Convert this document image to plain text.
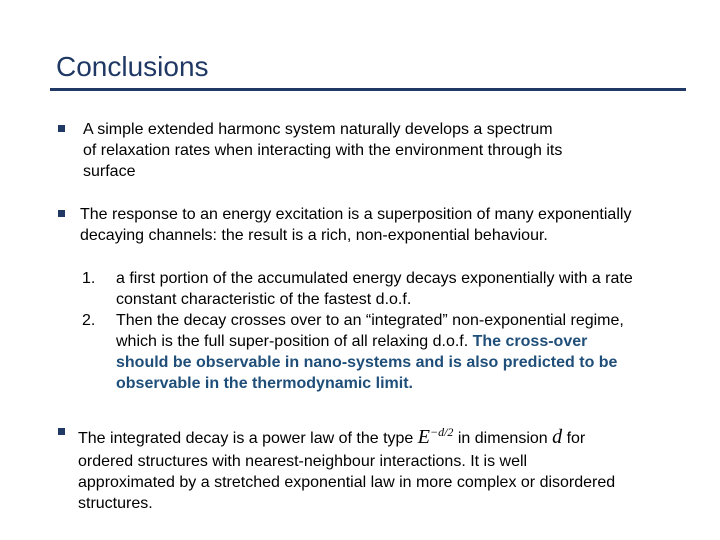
Conclusions
A simple extended harmonc system naturally develops a spectrum
of relaxation rates when interacting with the environment through its
surface
The response to an energy excitation is a superposition of many exponentially
decaying channels: the result is a rich, non-exponential behaviour.
1.
2.
a first portion of the accumulated energy decays exponentially with a rate
constant characteristic of the fastest d.o.f.
Then the decay crosses over to an “integrated” non-exponential regime,
which is the full super-position of all relaxing d.o.f. The cross-over
should be observable in nano-systems and is also predicted to be
observable in the thermodynamic limit.
The integrated decay is a power law of the type $E^{-d/2}$ in dimension d for
ordered structures with nearest-neighbour interactions. It is well
approximated by a stretched exponential law in more complex or disordered
structures.
